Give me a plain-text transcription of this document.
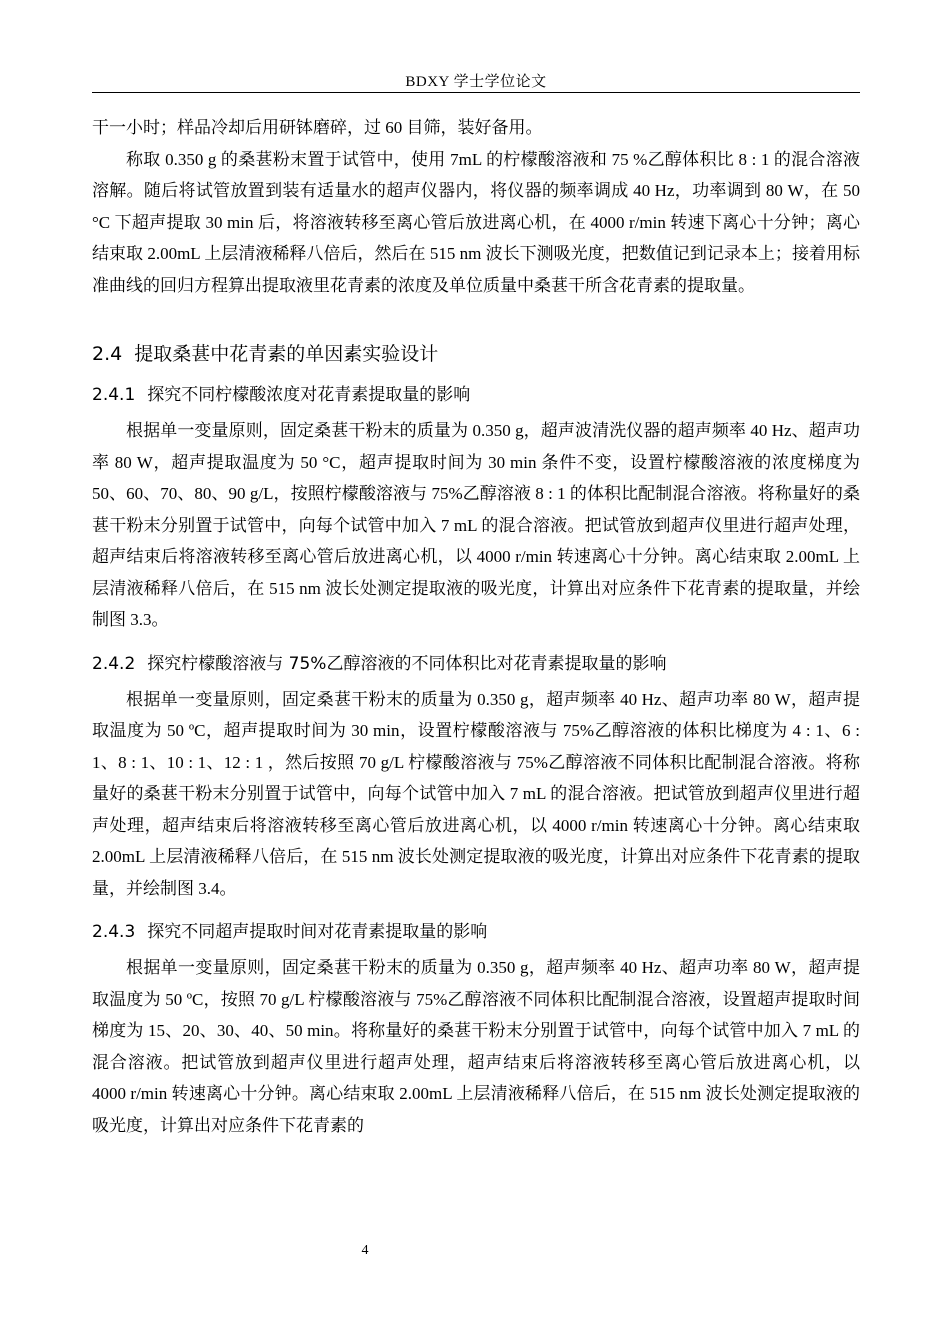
BDXY 学士学位论文

干一小时；样品冷却后用研钵磨碎，过 60 目筛，装好备用。

称取 0.350 g 的桑葚粉末置于试管中，使用 7mL 的柠檬酸溶液和 75 %乙醇体积比 8 : 1 的混合溶液溶解。随后将试管放置到装有适量水的超声仪器内，将仪器的频率调成 40 Hz，功率调到 80 W，在 50 °C 下超声提取 30 min 后，将溶液转移至离心管后放进离心机，在 4000 r/min 转速下离心十分钟；离心结束取 2.00mL 上层清液稀释八倍后，然后在 515 nm 波长下测吸光度，把数值记到记录本上；接着用标准曲线的回归方程算出提取液里花青素的浓度及单位质量中桑葚干所含花青素的提取量。

2.4 提取桑葚中花青素的单因素实验设计
2.4.1 探究不同柠檬酸浓度对花青素提取量的影响

根据单一变量原则，固定桑葚干粉末的质量为 0.350 g，超声波清洗仪器的超声频率 40 Hz、超声功率 80 W，超声提取温度为 50 °C，超声提取时间为 30 min 条件不变，设置柠檬酸溶液的浓度梯度为 50、60、70、80、90 g/L，按照柠檬酸溶液与 75%乙醇溶液 8 : 1 的体积比配制混合溶液。将称量好的桑葚干粉末分别置于试管中，向每个试管中加入 7 mL 的混合溶液。把试管放到超声仪里进行超声处理，超声结束后将溶液转移至离心管后放进离心机，以 4000 r/min 转速离心十分钟。离心结束取 2.00mL 上层清液稀释八倍后，在 515 nm 波长处测定提取液的吸光度，计算出对应条件下花青素的提取量，并绘制图 3.3。

2.4.2 探究柠檬酸溶液与 75%乙醇溶液的不同体积比对花青素提取量的影响

根据单一变量原则，固定桑葚干粉末的质量为 0.350 g，超声频率 40 Hz、超声功率 80 W，超声提取温度为 50 ºC，超声提取时间为 30 min，设置柠檬酸溶液与 75%乙醇溶液的体积比梯度为 4 : 1、6 : 1、8 : 1、10 : 1、12 : 1 ，然后按照 70 g/L 柠檬酸溶液与 75%乙醇溶液不同体积比配制混合溶液。将称量好的桑葚干粉末分别置于试管中，向每个试管中加入 7 mL 的混合溶液。把试管放到超声仪里进行超声处理，超声结束后将溶液转移至离心管后放进离心机，以 4000 r/min 转速离心十分钟。离心结束取 2.00mL 上层清液稀释八倍后，在 515 nm 波长处测定提取液的吸光度，计算出对应条件下花青素的提取量，并绘制图 3.4。

2.4.3 探究不同超声提取时间对花青素提取量的影响

根据单一变量原则，固定桑葚干粉末的质量为 0.350 g，超声频率 40 Hz、超声功率 80 W，超声提取温度为 50 ºC，按照 70 g/L 柠檬酸溶液与 75%乙醇溶液不同体积比配制混合溶液，设置超声提取时间梯度为 15、20、30、40、50 min。将称量好的桑葚干粉末分别置于试管中，向每个试管中加入 7 mL 的混合溶液。把试管放到超声仪里进行超声处理，超声结束后将溶液转移至离心管后放进离心机，以 4000 r/min 转速离心十分钟。离心结束取 2.00mL 上层清液稀释八倍后，在 515 nm 波长处测定提取液的吸光度，计算出对应条件下花青素的

4
